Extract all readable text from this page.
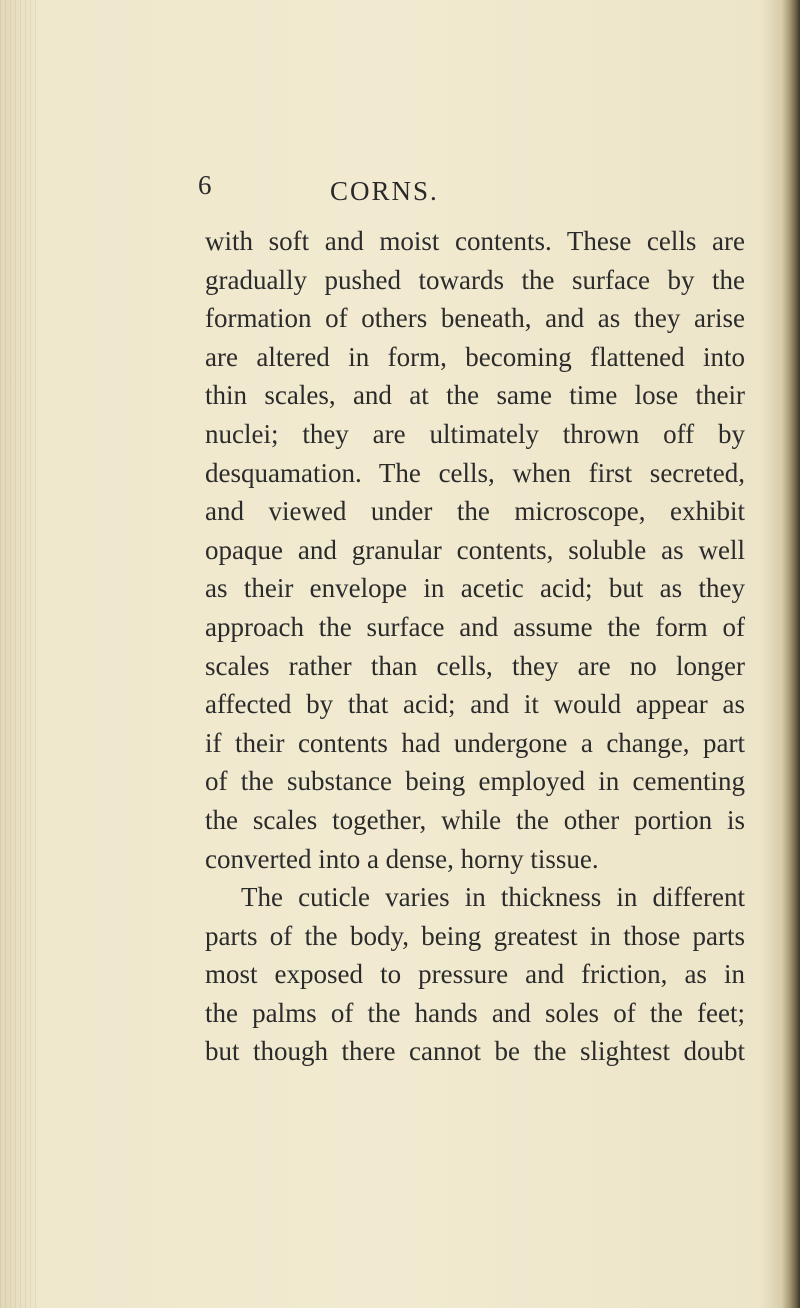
6	CORNS.
with soft and moist contents. These cells are
gradually pushed towards the surface by the
formation of others beneath, and as they arise
are altered in form, becoming flattened into
thin scales, and at the same time lose their
nuclei; they are ultimately thrown off by
desquamation. The cells, when first secreted,
and viewed under the microscope, exhibit
opaque and granular contents, soluble as well
as their envelope in acetic acid; but as they
approach the surface and assume the form of
scales rather than cells, they are no longer
affected by that acid; and it would appear as
if their contents had undergone a change, part
of the substance being employed in cementing
the scales together, while the other portion is
converted into a dense, horny tissue.
The cuticle varies in thickness in different
parts of the body, being greatest in those parts
most exposed to pressure and friction, as in
the palms of the hands and soles of the feet;
but though there cannot be the slightest doubt
